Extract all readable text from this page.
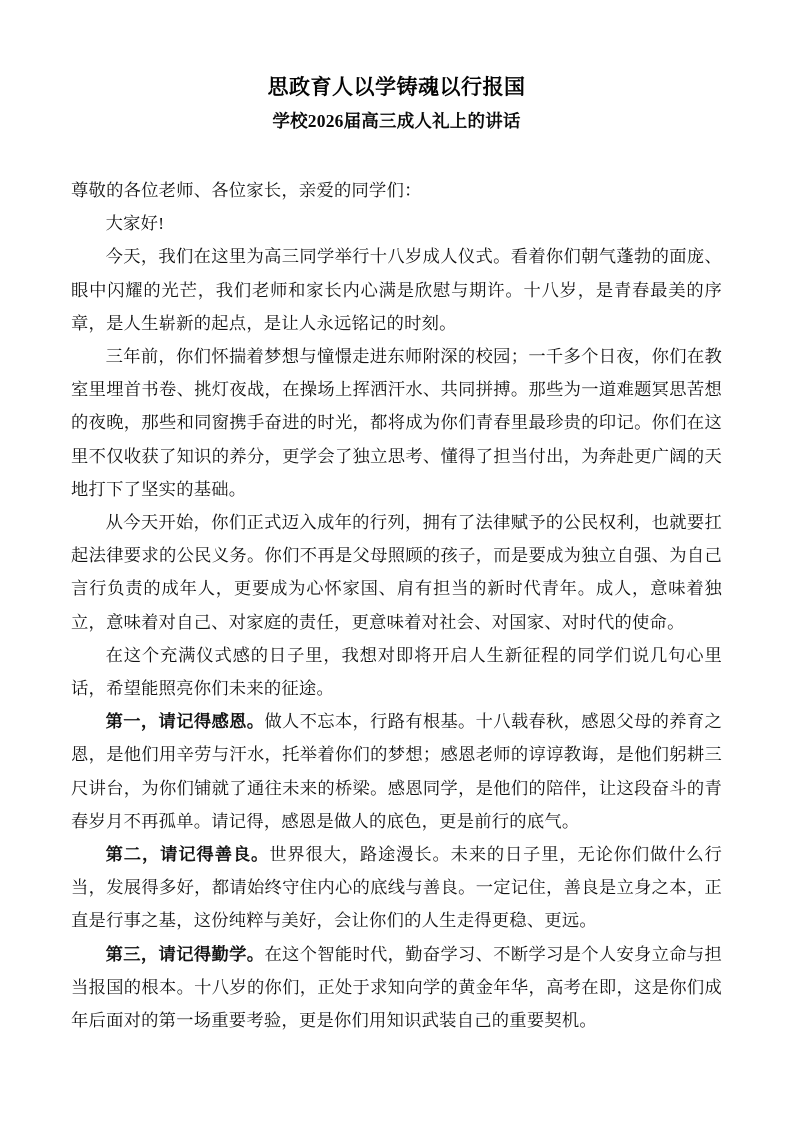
思政育人以学铸魂以行报国
学校2026届高三成人礼上的讲话

尊敬的各位老师、各位家长，亲爱的同学们：

大家好!

今天，我们在这里为高三同学举行十八岁成人仪式。看着你们朝气蓬勃的面庞、眼中闪耀的光芒，我们老师和家长内心满是欣慰与期许。十八岁，是青春最美的序章，是人生崭新的起点，是让人永远铭记的时刻。

三年前，你们怀揣着梦想与憧憬走进东师附深的校园；一千多个日夜，你们在教室里埋首书卷、挑灯夜战，在操场上挥洒汗水、共同拼搏。那些为一道难题冥思苦想的夜晚，那些和同窗携手奋进的时光，都将成为你们青春里最珍贵的印记。你们在这里不仅收获了知识的养分，更学会了独立思考、懂得了担当付出，为奔赴更广阔的天地打下了坚实的基础。

从今天开始，你们正式迈入成年的行列，拥有了法律赋予的公民权利，也就要扛起法律要求的公民义务。你们不再是父母照顾的孩子，而是要成为独立自强、为自己言行负责的成年人，更要成为心怀家国、肩有担当的新时代青年。成人，意味着独立，意味着对自己、对家庭的责任，更意味着对社会、对国家、对时代的使命。

在这个充满仪式感的日子里，我想对即将开启人生新征程的同学们说几句心里话，希望能照亮你们未来的征途。

第一，请记得感恩。做人不忘本，行路有根基。十八载春秋，感恩父母的养育之恩，是他们用辛劳与汗水，托举着你们的梦想；感恩老师的谆谆教诲，是他们躬耕三尺讲台，为你们铺就了通往未来的桥梁。感恩同学，是他们的陪伴，让这段奋斗的青春岁月不再孤单。请记得，感恩是做人的底色，更是前行的底气。

第二，请记得善良。世界很大，路途漫长。未来的日子里，无论你们做什么行当，发展得多好，都请始终守住内心的底线与善良。一定记住，善良是立身之本，正直是行事之基，这份纯粹与美好，会让你们的人生走得更稳、更远。

第三，请记得勤学。在这个智能时代，勤奋学习、不断学习是个人安身立命与担当报国的根本。十八岁的你们，正处于求知向学的黄金年华，高考在即，这是你们成年后面对的第一场重要考验，更是你们用知识武装自己的重要契机。
